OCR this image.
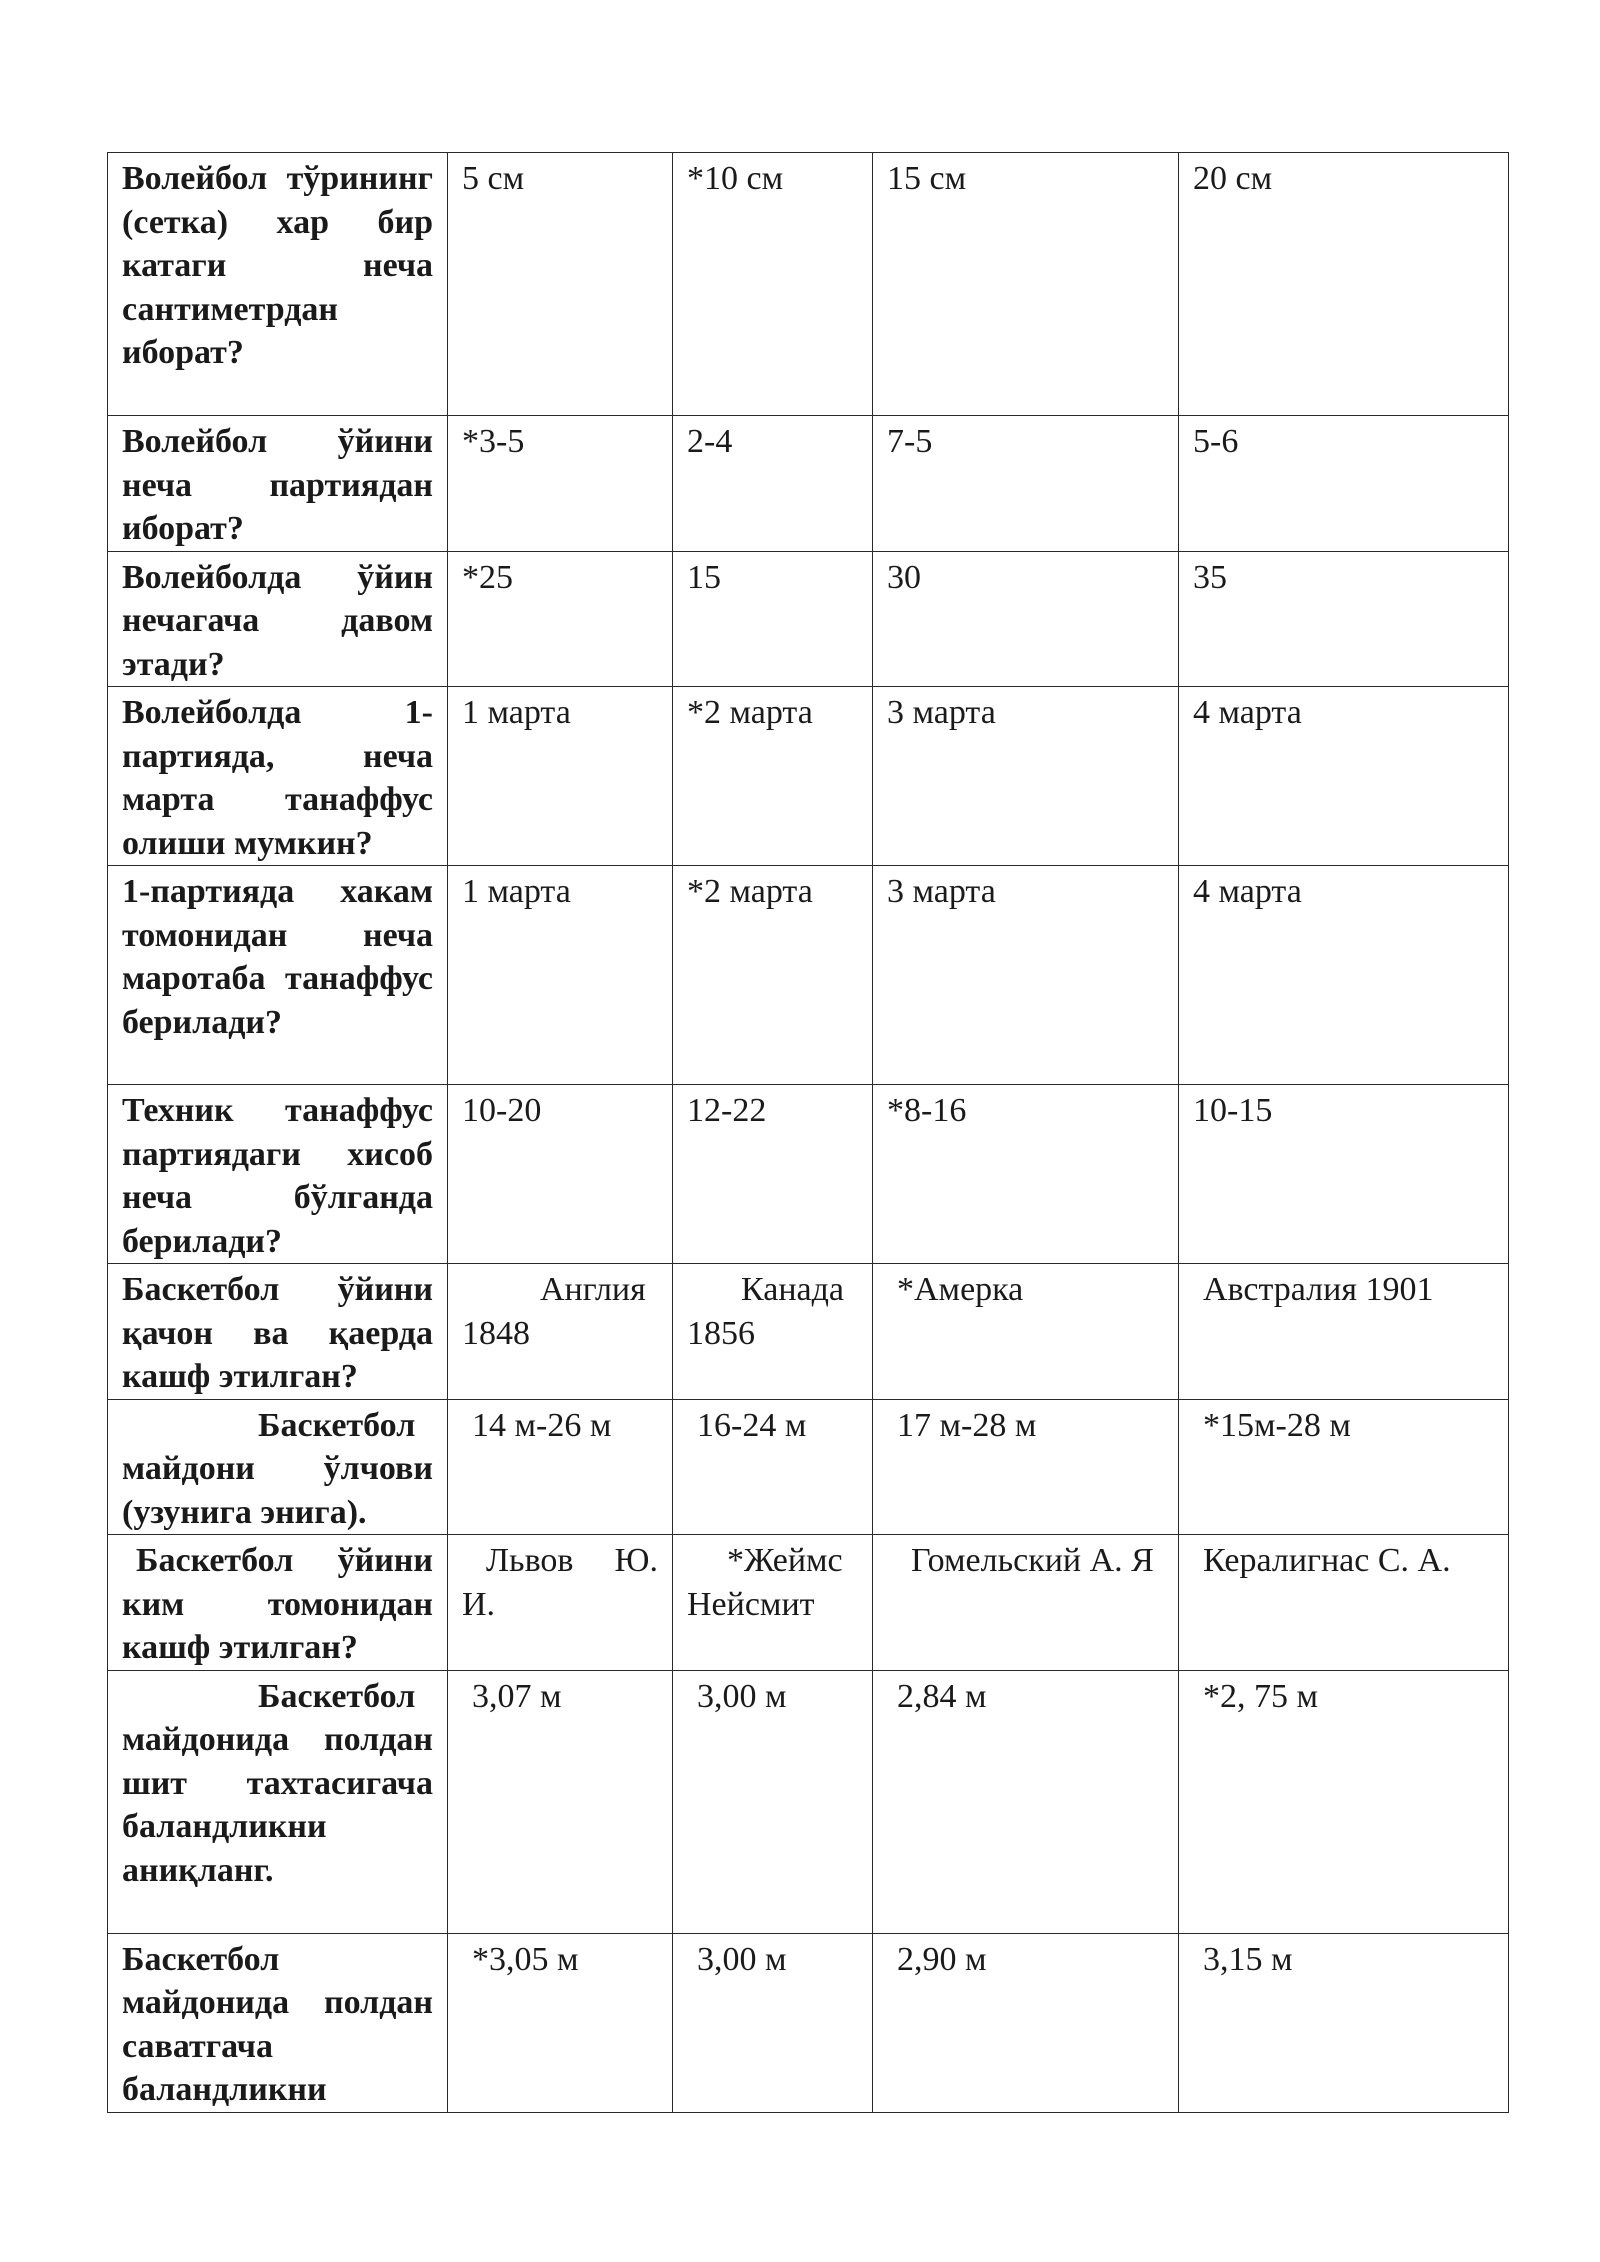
Волейбол тўрининг (сетка) хар бир катаги неча сантиметрдан иборат?	5 см	*10 см	15 см	20 см
Волейбол ўйини неча партиядан иборат?	*3-5	2-4	7-5	5-6
Волейболда ўйин нечагача давом этади?	*25	15	30	35
Волейболда 1-партияда, неча марта танаффус олиши мумкин?	1 марта	*2 марта	3 марта	4 марта
1-партияда хакам томонидан неча маротаба танаффус берилади?	1 марта	*2 марта	3 марта	4 марта
Техник танаффус партиядаги хисоб неча бўлганда берилади?	10-20	12-22	*8-16	10-15
Баскетбол ўйини қачон ва қаерда кашф этилган?	Англия 1848	Канада 1856	*Амерка	Австралия 1901
Баскетбол майдони ўлчови (узунига энига).	14 м-26 м	16-24 м	17 м-28 м	*15м-28 м
Баскетбол ўйини ким томонидан кашф этилган?	Львов Ю. И.	*Жеймс Нейсмит	Гомельский А. Я	Кералигнас С. А.
Баскетбол майдонида полдан шит тахтасигача баландликни аниқланг.	3,07 м	3,00 м	2,84 м	*2, 75 м
Баскетбол майдонида полдан саватгача баландликни	*3,05 м	3,00 м	2,90 м	3,15 м
